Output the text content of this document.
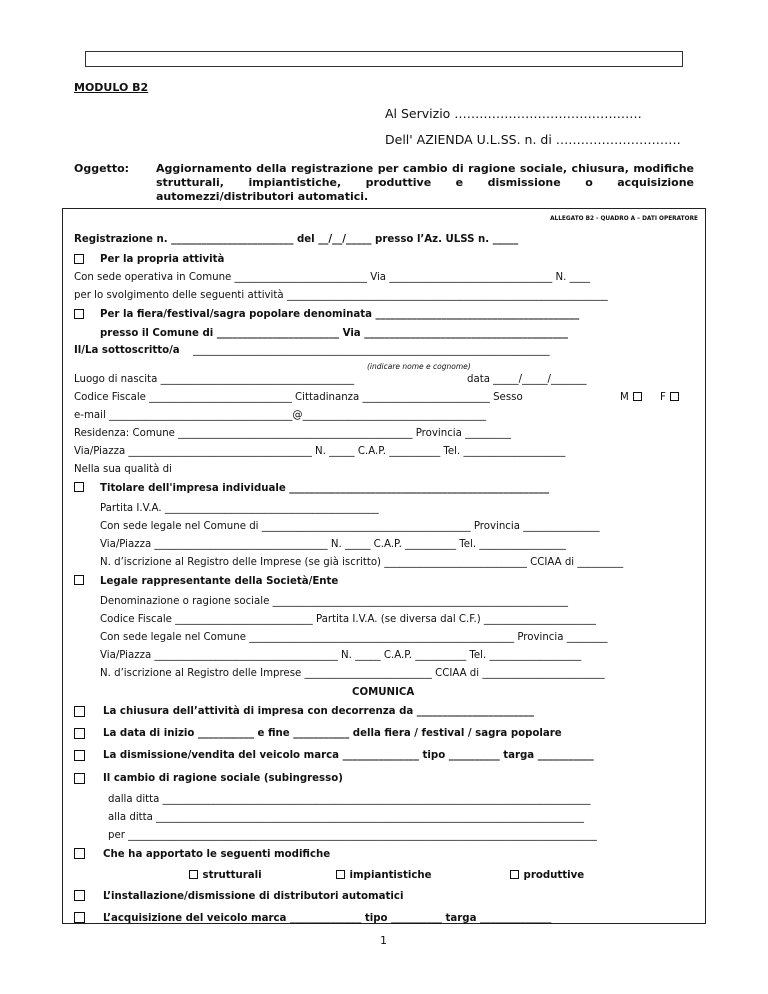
MODULO B2
Al Servizio ………………………………………
Dell' AZIENDA U.L.SS. n. di …………………………
Oggetto: Aggiornamento della registrazione per cambio di ragione sociale, chiusura, modifiche strutturali, impiantistiche, produttive e dismissione o acquisizione automezzi/distributori automatici.
ALLEGATO B2 - QUADRO A – DATI OPERATORE
Registrazione n. ________________________ del __/__/_____ presso l’Az. ULSS n. _____
Per la propria attività
Con sede operativa in Comune __________________________ Via ________________________________ N. ____
per lo svolgimento delle seguenti attività _______________________________________________________________
Per la fiera/festival/sagra popolare denominata ________________________________________
presso il Comune di ________________________ Via ________________________________________
Il/La sottoscritto/a ______________________________________________________________________
(indicare nome e cognome)
Luogo di nascita ______________________________________	data _____/_____/_______
Codice Fiscale ____________________________ Cittadinanza _________________________ Sesso	M	F
e-mail ____________________________________@____________________________________
Residenza: Comune ______________________________________________ Provincia _________
Via/Piazza ____________________________________ N. _____ C.A.P. __________ Tel. ____________________
Nella sua qualità di
Titolare dell'impresa individuale ___________________________________________________
Partita I.V.A. __________________________________________
Con sede legale nel Comune di _________________________________________ Provincia _______________
Via/Piazza __________________________________ N. _____ C.A.P. __________ Tel. _________________
N. d’iscrizione al Registro delle Imprese (se già iscritto) ____________________________ CCIAA di _________
Legale rappresentante della Società/Ente
Denominazione o ragione sociale __________________________________________________________
Codice Fiscale ___________________________ Partita I.V.A. (se diversa dal C.F.) ______________________
Con sede legale nel Comune ____________________________________________________ Provincia ________
Via/Piazza ____________________________________ N. _____ C.A.P. __________ Tel. __________________
N. d’iscrizione al Registro delle Imprese _________________________ CCIAA di ________________________
COMUNICA
La chiusura dell’attività di impresa con decorrenza da _______________________
La data di inizio ___________ e fine ___________ della fiera / festival / sagra popolare
La dismissione/vendita del veicolo marca _______________ tipo __________ targa ___________
Il cambio di ragione sociale (subingresso)
dalla ditta ____________________________________________________________________________________
alla ditta ____________________________________________________________________________________
per ____________________________________________________________________________________________
Che ha apportato le seguenti modifiche
strutturali	impiantistiche	produttive
L’installazione/dismissione di distributori automatici
L’acquisizione del veicolo marca ______________ tipo __________ targa ______________
1
